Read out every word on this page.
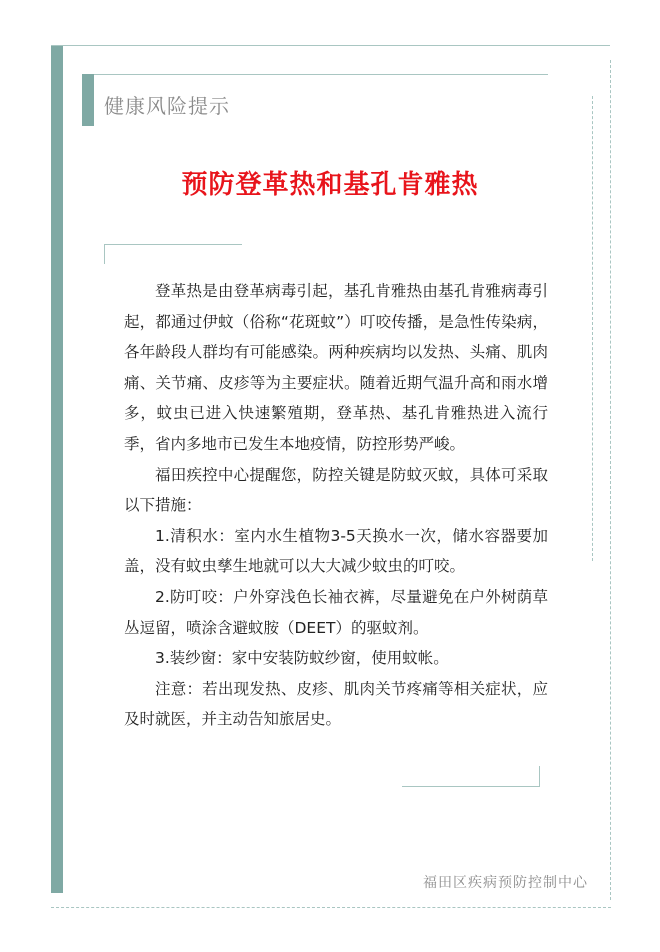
健康风险提示
预防登革热和基孔肯雅热

登革热是由登革病毒引起，基孔肯雅热由基孔肯雅病毒引起，都通过伊蚊（俗称“花斑蚊”）叮咬传播，是急性传染病，各年龄段人群均有可能感染。两种疾病均以发热、头痛、肌肉痛、关节痛、皮疹等为主要症状。随着近期气温升高和雨水增多，蚊虫已进入快速繁殖期，登革热、基孔肯雅热进入流行季，省内多地市已发生本地疫情，防控形势严峻。

福田疾控中心提醒您，防控关键是防蚊灭蚊，具体可采取以下措施：

1.清积水：室内水生植物3-5天换水一次，储水容器要加盖，没有蚊虫孳生地就可以大大减少蚊虫的叮咬。

2.防叮咬：户外穿浅色长袖衣裤，尽量避免在户外树荫草丛逗留，喷涂含避蚊胺（DEET）的驱蚊剂。

3.装纱窗：家中安装防蚊纱窗，使用蚊帐。

注意：若出现发热、皮疹、肌肉关节疼痛等相关症状，应及时就医，并主动告知旅居史。

福田区疾病预防控制中心
